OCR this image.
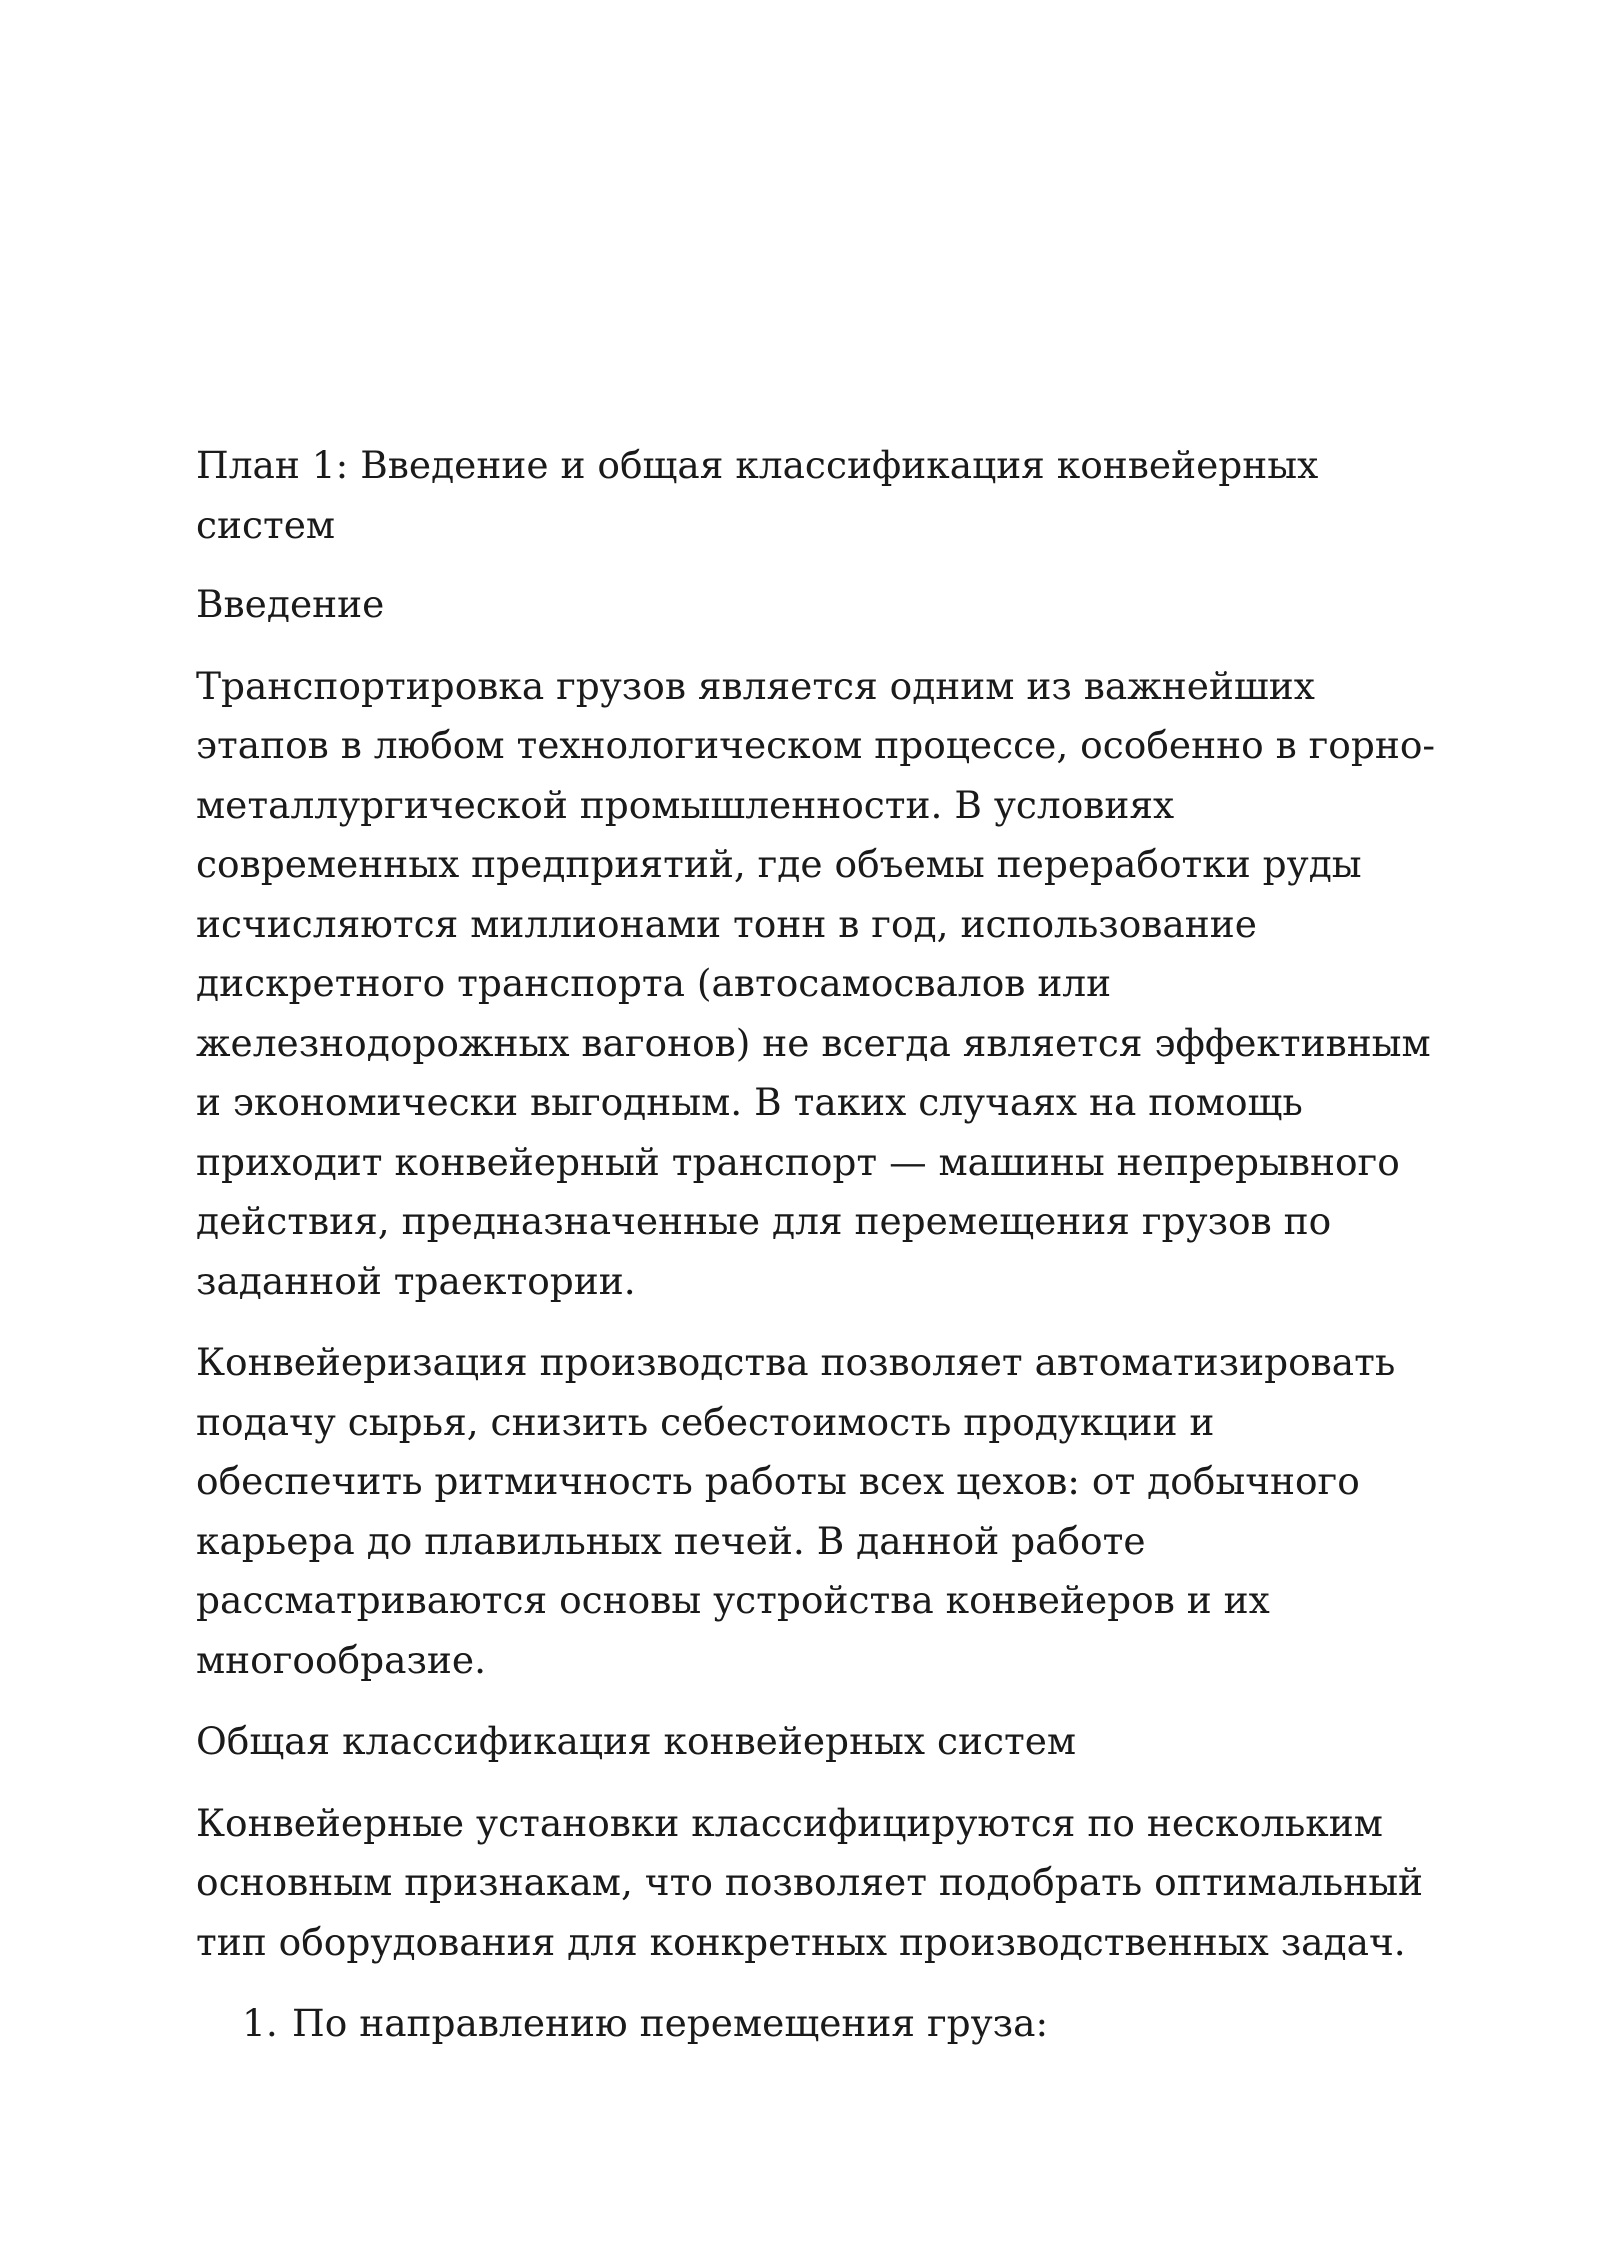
План 1: Введение и общая классификация конвейерных систем

Введение

Транспортировка грузов является одним из важнейших этапов в любом технологическом процессе, особенно в горно-металлургической промышленности. В условиях современных предприятий, где объемы переработки руды исчисляются миллионами тонн в год, использование дискретного транспорта (автосамосвалов или железнодорожных вагонов) не всегда является эффективным и экономически выгодным. В таких случаях на помощь приходит конвейерный транспорт — машины непрерывного действия, предназначенные для перемещения грузов по заданной траектории.

Конвейеризация производства позволяет автоматизировать подачу сырья, снизить себестоимость продукции и обеспечить ритмичность работы всех цехов: от добычного карьера до плавильных печей. В данной работе рассматриваются основы устройства конвейеров и их многообразие.

Общая классификация конвейерных систем

Конвейерные установки классифицируются по нескольким основным признакам, что позволяет подобрать оптимальный тип оборудования для конкретных производственных задач.

1. По направлению перемещения груза:
